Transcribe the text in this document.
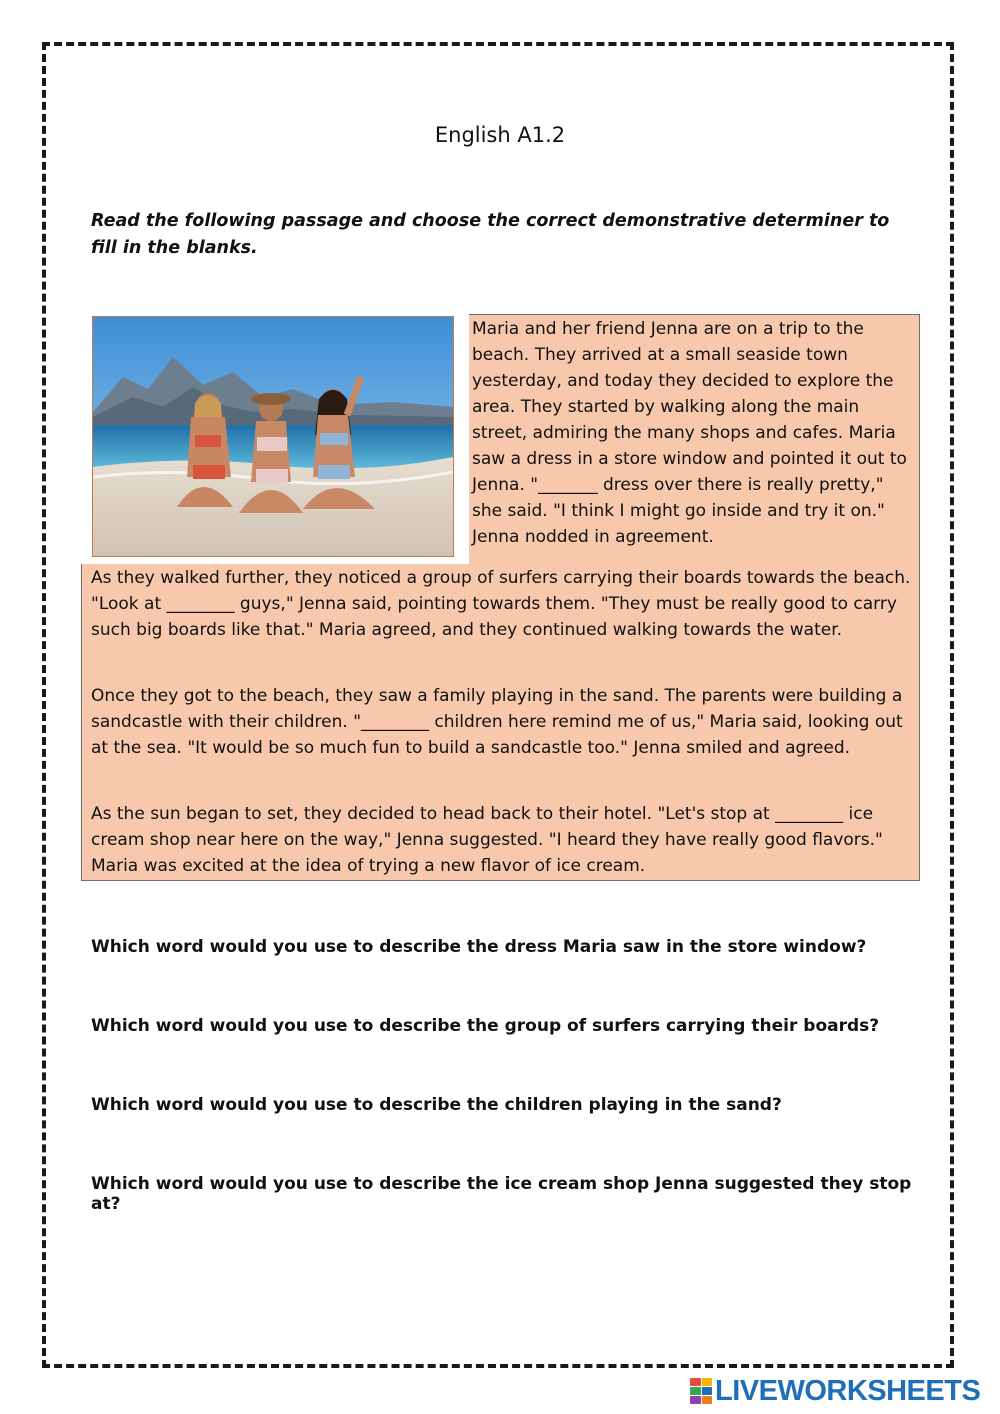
English A1.2
Read the following passage and choose the correct demonstrative determiner to fill in the blanks.
Maria and her friend Jenna are on a trip to the beach. They arrived at a small seaside town yesterday, and today they decided to explore the area. They started by walking along the main street, admiring the many shops and cafes. Maria saw a dress in a store window and pointed it out to Jenna. "_______ dress over there is really pretty," she said. "I think I might go inside and try it on." Jenna nodded in agreement.
As they walked further, they noticed a group of surfers carrying their boards towards the beach. "Look at ________ guys," Jenna said, pointing towards them. "They must be really good to carry such big boards like that." Maria agreed, and they continued walking towards the water.
Once they got to the beach, they saw a family playing in the sand. The parents were building a sandcastle with their children. "________ children here remind me of us," Maria said, looking out at the sea. "It would be so much fun to build a sandcastle too." Jenna smiled and agreed.
As the sun began to set, they decided to head back to their hotel. "Let's stop at ________ ice cream shop near here on the way," Jenna suggested. "I heard they have really good flavors." Maria was excited at the idea of trying a new flavor of ice cream.
Which word would you use to describe the dress Maria saw in the store window?
Which word would you use to describe the group of surfers carrying their boards?
Which word would you use to describe the children playing in the sand?
Which word would you use to describe the ice cream shop Jenna suggested they stop at?
LIVEWORKSHEETS
